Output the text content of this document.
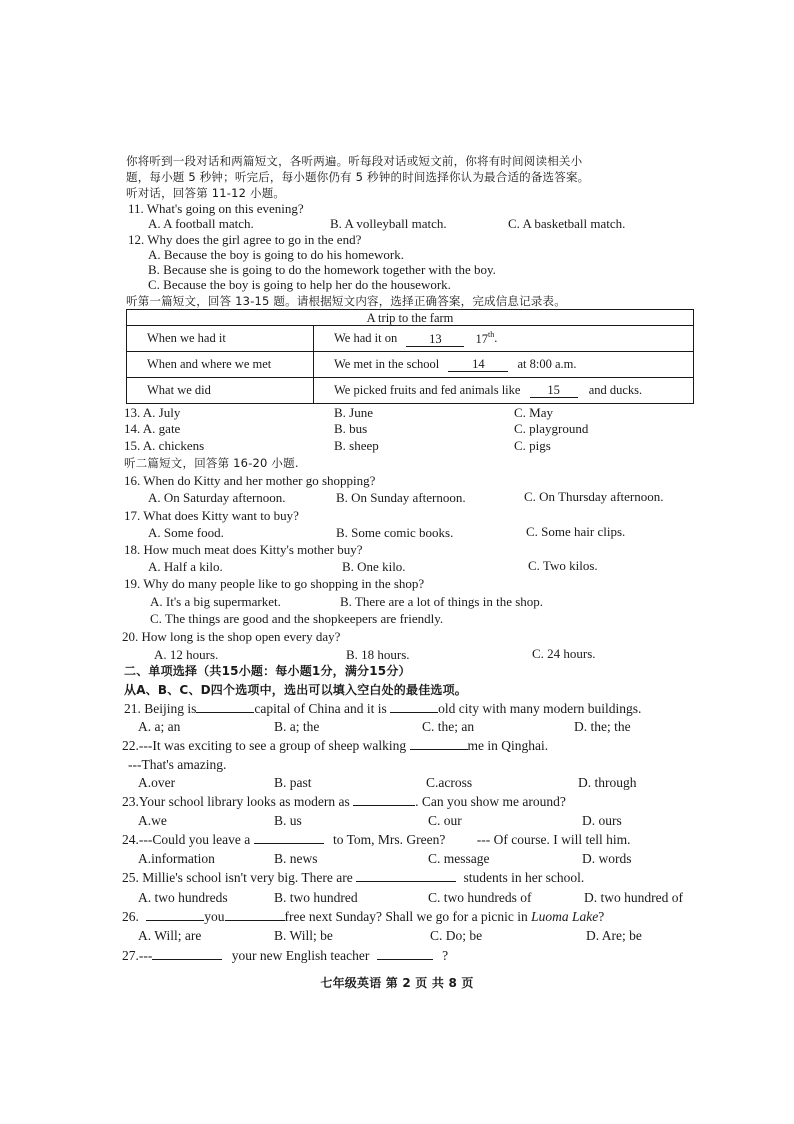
你将听到一段对话和两篇短文，各听两遍。听每段对话或短文前，你将有时间阅读相关小
题，每小题 5 秒钟；听完后，每小题你仍有 5 秒钟的时间选择你认为最合适的备选答案。
听对话，回答第 11-12 小题。
11. What's going on this evening?
A. A football match.	B. A volleyball match.	C. A basketball match.
12. Why does the girl agree to go in the end?
A. Because the boy is going to do his homework.
B. Because she is going to do the homework together with the boy.
C. Because the boy is going to help her do the housework.
听第一篇短文，回答 13-15 题。请根据短文内容，选择正确答案，完成信息记录表。
A trip to the farm	
When we had it	We had it on 13 17th.
When and where we met	We met in the school 14 at 8:00 a.m.
What we did	We picked fruits and fed animals like 15 and ducks.
13. A. July	B. June	C. May
14. A. gate	B. bus	C. playground
15. A. chickens	B. sheep	C. pigs
听二篇短文，回答第 16-20 小题.
16. When do Kitty and her mother go shopping?
A. On Saturday afternoon.	B. On Sunday afternoon.	C. On Thursday afternoon.
17. What does Kitty want to buy?
A. Some food.	B. Some comic books.	C. Some hair clips.
18. How much meat does Kitty's mother buy?
A. Half a kilo.	B. One kilo.	C. Two kilos.
19. Why do many people like to go shopping in the shop?
A. It's a big supermarket.	B. There are a lot of things in the shop.
C. The things are good and the shopkeepers are friendly.
20. How long is the shop open every day?
A. 12 hours.	B. 18 hours.	C. 24 hours.
二、单项选择（共15小题：每小题1分，满分15分）
从A、B、C、D四个选项中，选出可以填入空白处的最佳选项。
21. Beijing is	capital of China and it is	old city with many modern buildings.
A. a; an	B. a; the	C. the; an	D. the; the
22.---It was exciting to see a group of sheep walking	me in Qinghai.
---That's amazing.
A.over	B. past	C.across	D. through
23.Your school library looks as modern as	. Can you show me around?
A.we	B. us	C. our	D. ours
24.---Could you leave a	to Tom, Mrs. Green? --- Of course. I will tell him.
A.information	B. news	C. message	D. words
25. Millie's school isn't very big. There are	students in her school.
A. two hundreds	B. two hundred	C. two hundreds of	D. two hundred of
26.	you	free next Sunday? Shall we go for a picnic in Luoma Lake?
A. Will; are	B. Will; be	C. Do; be	D. Are; be
27.---	your new English teacher	?
七年级英语 第 2 页 共 8 页
